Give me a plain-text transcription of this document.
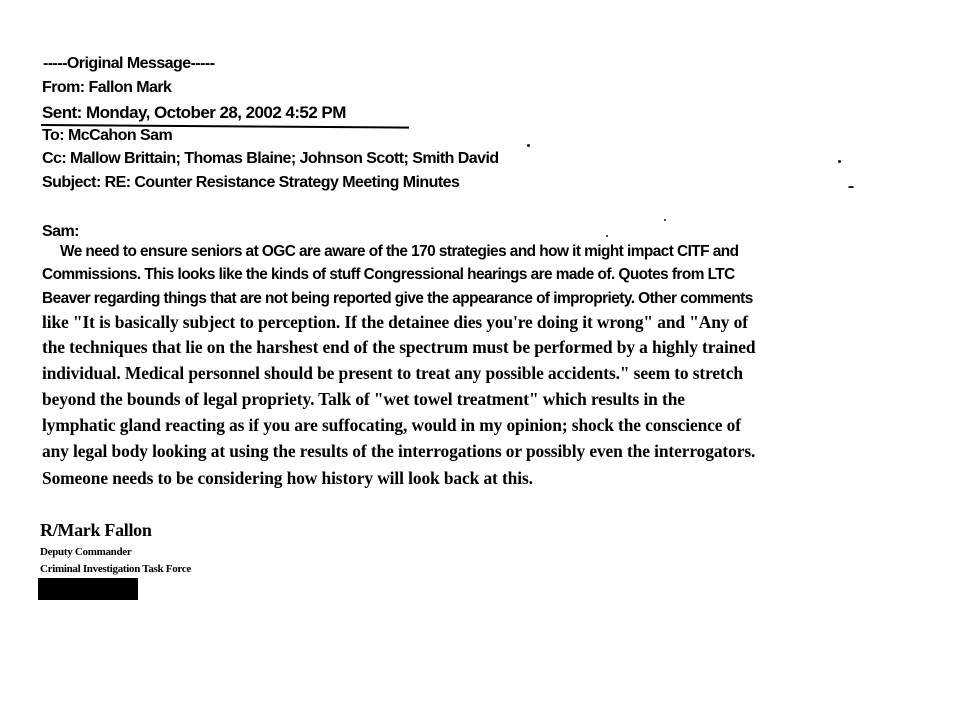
-----Original Message-----
From: Fallon Mark
Sent: Monday, October 28, 2002 4:52 PM
To: McCahon Sam
Cc: Mallow Brittain; Thomas Blaine; Johnson Scott; Smith David
Subject: RE: Counter Resistance Strategy Meeting Minutes
Sam:
We need to ensure seniors at OGC are aware of the 170 strategies and how it might impact CITF and
Commissions. This looks like the kinds of stuff Congressional hearings are made of. Quotes from LTC
Beaver regarding things that are not being reported give the appearance of impropriety. Other comments
like "It is basically subject to perception. If the detainee dies you're doing it wrong" and "Any of
the techniques that lie on the harshest end of the spectrum must be performed by a highly trained
individual. Medical personnel should be present to treat any possible accidents." seem to stretch
beyond the bounds of legal propriety. Talk of "wet towel treatment" which results in the
lymphatic gland reacting as if you are suffocating, would in my opinion; shock the conscience of
any legal body looking at using the results of the interrogations or possibly even the interrogators.
Someone needs to be considering how history will look back at this.
R/Mark Fallon
Deputy Commander
Criminal Investigation Task Force
